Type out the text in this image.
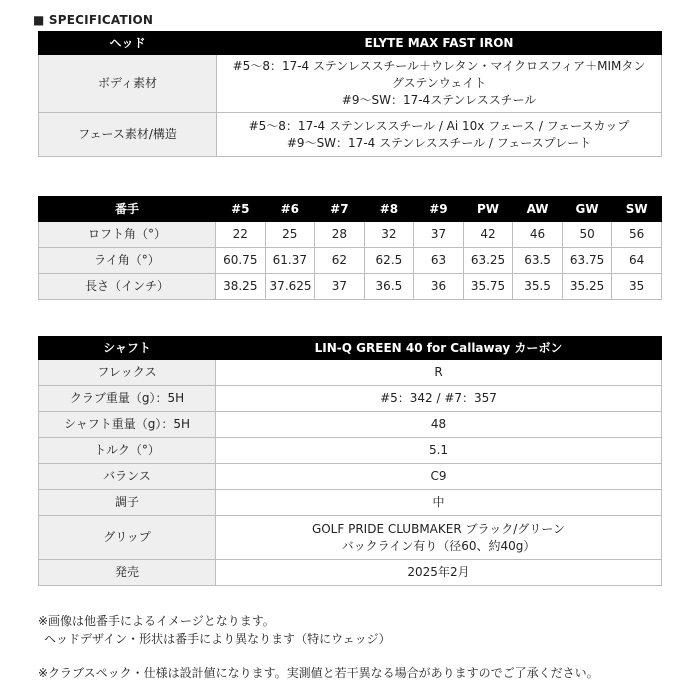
■ SPECIFICATION
ヘッド	ELYTE MAX FAST IRON
ボディ素材	#5〜8：17-4 ステンレススチール＋ウレタン・マイクロスフィア＋MIMタン
グステンウェイト
#9〜SW：17-4ステンレススチール

フェース素材/構造	#5〜8：17-4 ステンレススチール / Ai 10x フェース / フェースカップ
#9〜SW：17-4 ステンレススチール / フェースプレート
番手	#5	#6	#7	#8	#9	PW	AW	GW	SW
ロフト角（°）	22	25	28	32	37	42	46	50	56
ライ角（°）	60.75	61.37	62	62.5	63	63.25	63.5	63.75	64
長さ（インチ）	38.25	37.625	37	36.5	36	35.75	35.5	35.25	35
シャフト	LIN-Q GREEN 40 for Callaway カーボン
フレックス	R
クラブ重量（g）：5H	#5：342 / #7：357
シャフト重量（g）：5H	48
トルク（°）	5.1
バランス	C9
調子	中
グリップ	GOLF PRIDE CLUBMAKER ブラック/グリーン
バックライン有り（径60、約40g）

発売	2025年2月
※画像は他番手によるイメージとなります。
ヘッドデザイン・形状は番手により異なります（特にウェッジ）
※クラブスペック・仕様は設計値になります。実測値と若干異なる場合がありますのでご了承ください。
